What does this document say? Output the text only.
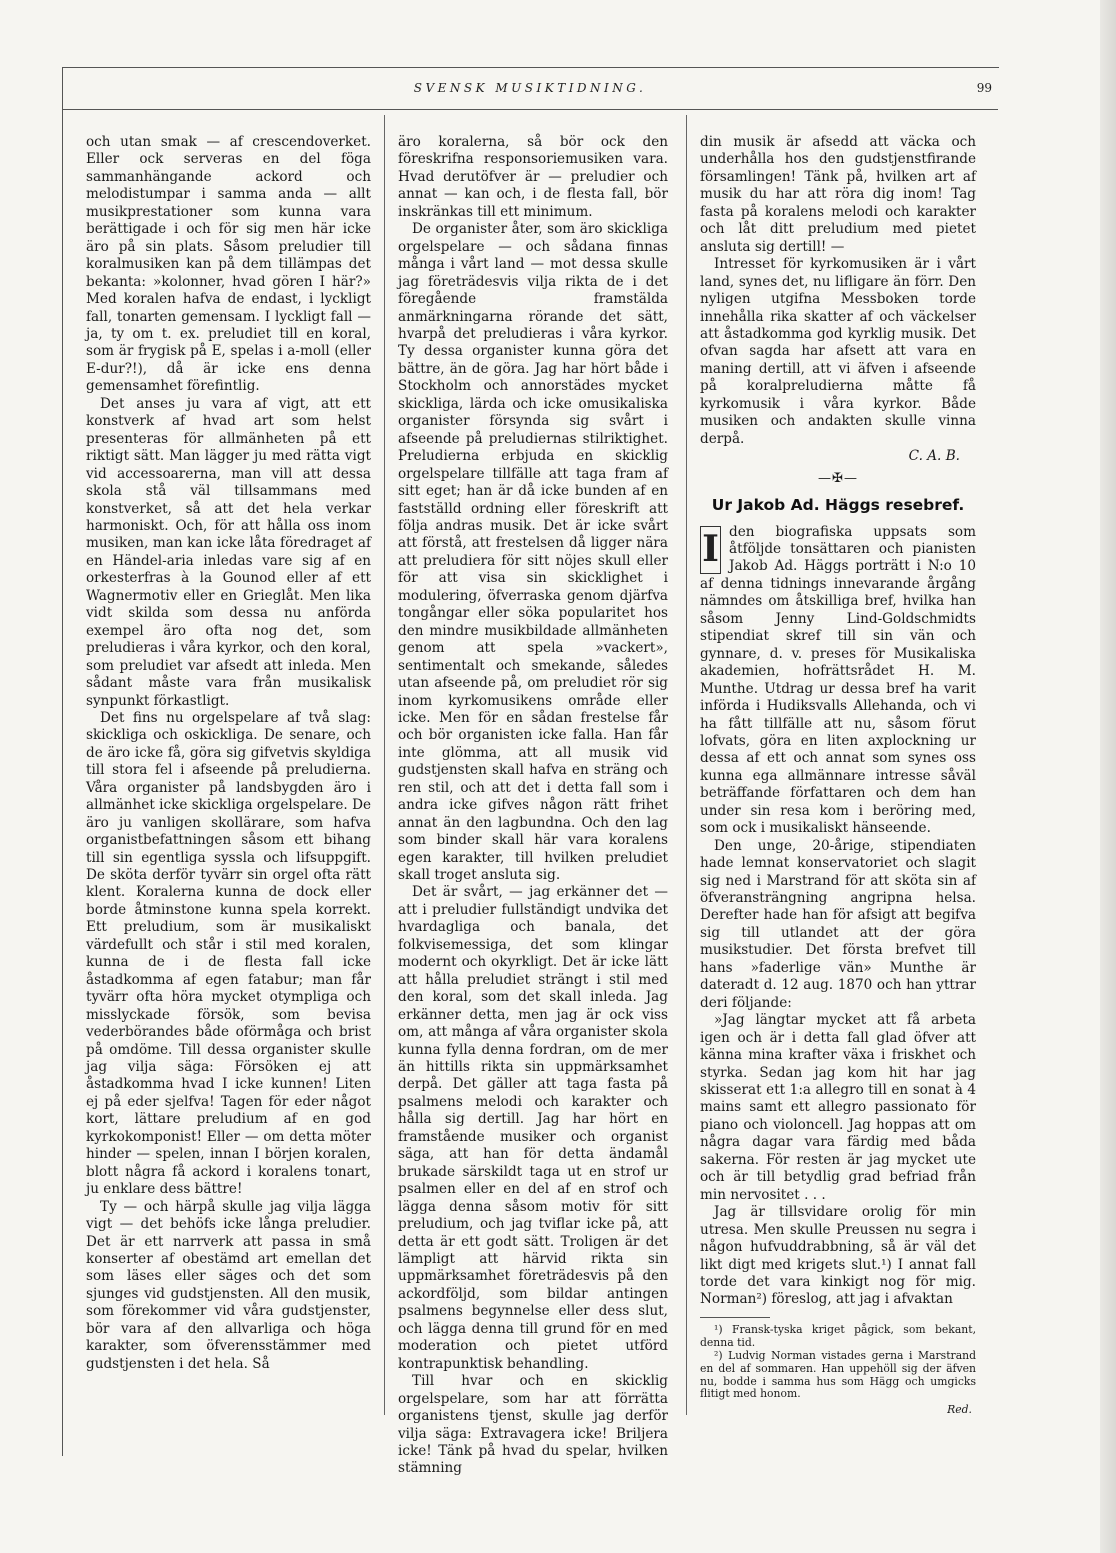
SVENSK MUSIKTIDNING.	99

och utan smak — af crescendoverket. Eller ock serveras en del föga sammanhängande ackord och melodistumpar i samma anda — allt musikprestationer som kunna vara berättigade i och för sig men här icke äro på sin plats. Såsom preludier till koralmusiken kan på dem tillämpas det bekanta: »kolonner, hvad gören I här?» Med koralen hafva de endast, i lyckligt fall, tonarten gemensam. I lyckligt fall — ja, ty om t. ex. preludiet till en koral, som är frygisk på E, spelas i a-moll (eller E-dur?!), då är icke ens denna gemensamhet förefintlig.

Det anses ju vara af vigt, att ett konstverk af hvad art som helst presenteras för allmänheten på ett riktigt sätt. Man lägger ju med rätta vigt vid accessoarerna, man vill att dessa skola stå väl tillsammans med konstverket, så att det hela verkar harmoniskt. Och, för att hålla oss inom musiken, man kan icke låta föredraget af en Händel-aria inledas vare sig af en orkesterfras à la Gounod eller af ett Wagnermotiv eller en Grieglåt. Men lika vidt skilda som dessa nu anförda exempel äro ofta nog det, som preludieras i våra kyrkor, och den koral, som preludiet var afsedt att inleda. Men sådant måste vara från musikalisk synpunkt förkastligt.

Det fins nu orgelspelare af två slag: skickliga och oskickliga. De senare, och de äro icke få, göra sig gifvetvis skyldiga till stora fel i afseende på preludierna. Våra organister på landsbygden äro i allmänhet icke skickliga orgelspelare. De äro ju vanligen skollärare, som hafva organistbefattningen såsom ett bihang till sin egentliga syssla och lifsuppgift. De sköta derför tyvärr sin orgel ofta rätt klent. Koralerna kunna de dock eller borde åtminstone kunna spela korrekt. Ett preludium, som är musikaliskt värdefullt och står i stil med koralen, kunna de i de flesta fall icke åstadkomma af egen fatabur; man får tyvärr ofta höra mycket otympliga och misslyckade försök, som bevisa vederbörandes både oförmåga och brist på omdöme. Till dessa organister skulle jag vilja säga: Försöken ej att åstadkomma hvad I icke kunnen! Liten ej på eder sjelfva! Tagen för eder något kort, lättare preludium af en god kyrkokomponist! Eller — om detta möter hinder — spelen, innan I börjen koralen, blott några få ackord i koralens tonart, ju enklare dess bättre!

Ty — och härpå skulle jag vilja lägga vigt — det behöfs icke långa preludier. Det är ett narrverk att passa in små konserter af obestämd art emellan det som läses eller säges och det som sjunges vid gudstjensten. All den musik, som förekommer vid våra gudstjenster, bör vara af den allvarliga och höga karakter, som öfverensstämmer med gudstjensten i det hela. Så

äro koralerna, så bör ock den föreskrifna responsoriemusiken vara. Hvad derutöfver är — preludier och annat — kan och, i de flesta fall, bör inskränkas till ett minimum.

De organister åter, som äro skickliga orgelspelare — och sådana finnas många i vårt land — mot dessa skulle jag företrädesvis vilja rikta de i det föregående framstälda anmärkningarna rörande det sätt, hvarpå det preludieras i våra kyrkor. Ty dessa organister kunna göra det bättre, än de göra. Jag har hört både i Stockholm och annorstädes mycket skickliga, lärda och icke omusikaliska organister försynda sig svårt i afseende på preludiernas stilriktighet. Preludierna erbjuda en skicklig orgelspelare tillfälle att taga fram af sitt eget; han är då icke bunden af en fastställd ordning eller föreskrift att följa andras musik. Det är icke svårt att förstå, att frestelsen då ligger nära att preludiera för sitt nöjes skull eller för att visa sin skicklighet i modulering, öfverraska genom djärfva tongångar eller söka popularitet hos den mindre musikbildade allmänheten genom att spela »vackert», sentimentalt och smekande, således utan afseende på, om preludiet rör sig inom kyrkomusikens område eller icke. Men för en sådan frestelse får och bör organisten icke falla. Han får inte glömma, att all musik vid gudstjensten skall hafva en sträng och ren stil, och att det i detta fall som i andra icke gifves någon rätt frihet annat än den lagbundna. Och den lag som binder skall här vara koralens egen karakter, till hvilken preludiet skall troget ansluta sig.

Det är svårt, — jag erkänner det — att i preludier fullständigt undvika det hvardagliga och banala, det folkvisemessiga, det som klingar modernt och okyrkligt. Det är icke lätt att hålla preludiet strängt i stil med den koral, som det skall inleda. Jag erkänner detta, men jag är ock viss om, att många af våra organister skola kunna fylla denna fordran, om de mer än hittills rikta sin uppmärksamhet derpå. Det gäller att taga fasta på psalmens melodi och karakter och hålla sig dertill. Jag har hört en framstående musiker och organist säga, att han för detta ändamål brukade särskildt taga ut en strof ur psalmen eller en del af en strof och lägga denna såsom motiv för sitt preludium, och jag tviflar icke på, att detta är ett godt sätt. Troligen är det lämpligt att härvid rikta sin uppmärksamhet företrädesvis på den ackordföljd, som bildar antingen psalmens begynnelse eller dess slut, och lägga denna till grund för en med moderation och pietet utförd kontrapunktisk behandling.

Till hvar och en skicklig orgelspelare, som har att förrätta organistens tjenst, skulle jag derför vilja säga: Extravagera icke! Briljera icke! Tänk på hvad du spelar, hvilken stämning

din musik är afsedd att väcka och underhålla hos den gudstjenstfirande församlingen! Tänk på, hvilken art af musik du har att röra dig inom! Tag fasta på koralens melodi och karakter och låt ditt preludium med pietet ansluta sig dertill! —

Intresset för kyrkomusiken är i vårt land, synes det, nu lifligare än förr. Den nyligen utgifna Messboken torde innehålla rika skatter af och väckelser att åstadkomma god kyrklig musik. Det ofvan sagda har afsett att vara en maning dertill, att vi äfven i afseende på koralpreludierna måtte få kyrkomusik i våra kyrkor. Både musiken och andakten skulle vinna derpå.

C. A. B.

—✠—
Ur Jakob Ad. Häggs resebref.
I den biografiska uppsats som åtföljde tonsättaren och pianisten Jakob Ad. Häggs porträtt i N:o 10 af denna tidnings innevarande årgång nämndes om åtskilliga bref, hvilka han såsom Jenny Lind-Goldschmidts stipendiat skref till sin vän och gynnare, d. v. preses för Musikaliska akademien, hofrättsrådet H. M. Munthe. Utdrag ur dessa bref ha varit införda i Hudiksvalls Allehanda, och vi ha fått tillfälle att nu, såsom förut lofvats, göra en liten axplockning ur dessa af ett och annat som synes oss kunna ega allmännare intresse såväl beträffande författaren och dem han under sin resa kom i beröring med, som ock i musikaliskt hänseende.

Den unge, 20-årige, stipendiaten hade lemnat konservatoriet och slagit sig ned i Marstrand för att sköta sin af öfveransträngning angripna helsa. Derefter hade han för afsigt att begifva sig till utlandet att der göra musikstudier. Det första brefvet till hans »faderlige vän» Munthe är dateradt d. 12 aug. 1870 och han yttrar deri följande:

»Jag längtar mycket att få arbeta igen och är i detta fall glad öfver att känna mina krafter växa i friskhet och styrka. Sedan jag kom hit har jag skisserat ett 1:a allegro till en sonat à 4 mains samt ett allegro passionato för piano och violoncell. Jag hoppas att om några dagar vara färdig med båda sakerna. För resten är jag mycket ute och är till betydlig grad befriad från min nervositet . . .

Jag är tillsvidare orolig för min utresa. Men skulle Preussen nu segra i någon hufvuddrabbning, så är väl det likt digt med krigets slut.¹) I annat fall torde det vara kinkigt nog för mig. Norman²) föreslog, att jag i afvaktan

¹) Fransk-tyska kriget pågick, som bekant, denna tid.

²) Ludvig Norman vistades gerna i Marstrand en del af sommaren. Han uppehöll sig der äfven nu, bodde i samma hus som Hägg och umgicks flitigt med honom.

Red.
